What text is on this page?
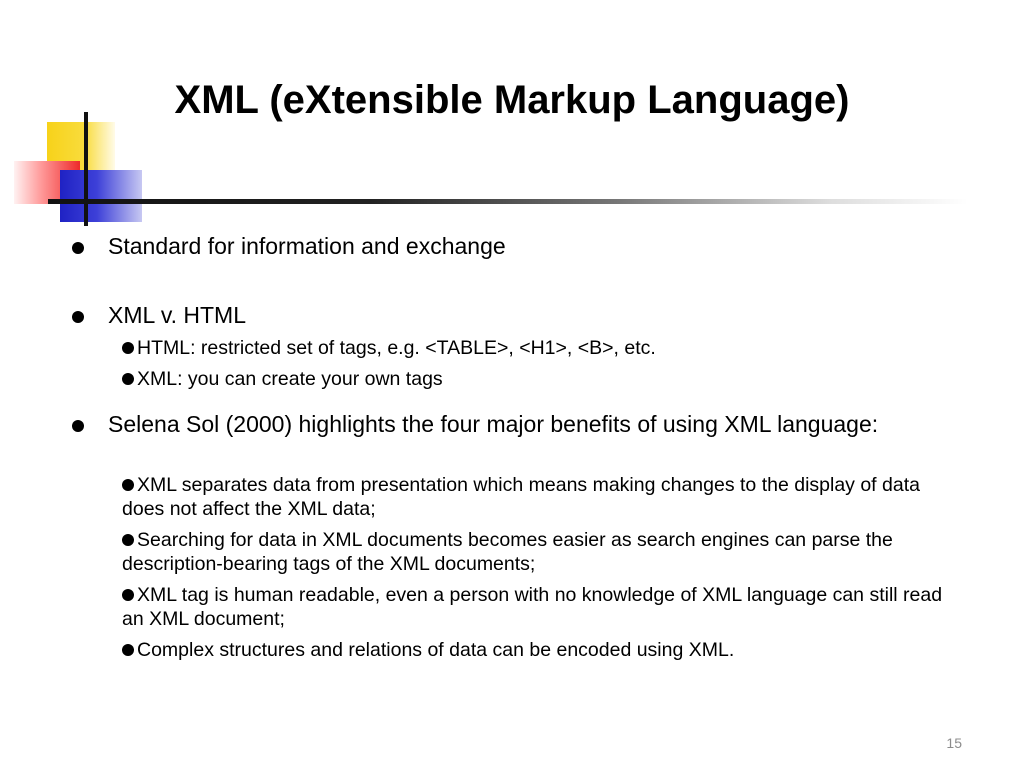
XML (eXtensible Markup Language)
Standard for information and exchange
XML v. HTML
HTML: restricted set of tags, e.g. <TABLE>, <H1>, <B>, etc.
XML: you can create your own tags
Selena Sol (2000) highlights the four major benefits of using XML language:
XML separates data from presentation which means making changes to the display of data does not affect the XML data;
Searching for data in XML documents becomes easier as search engines can parse the description-bearing tags of the XML documents;
XML tag is human readable, even a person with no knowledge of XML language can still read an XML document;
Complex structures and relations of data can be encoded using XML.
15
